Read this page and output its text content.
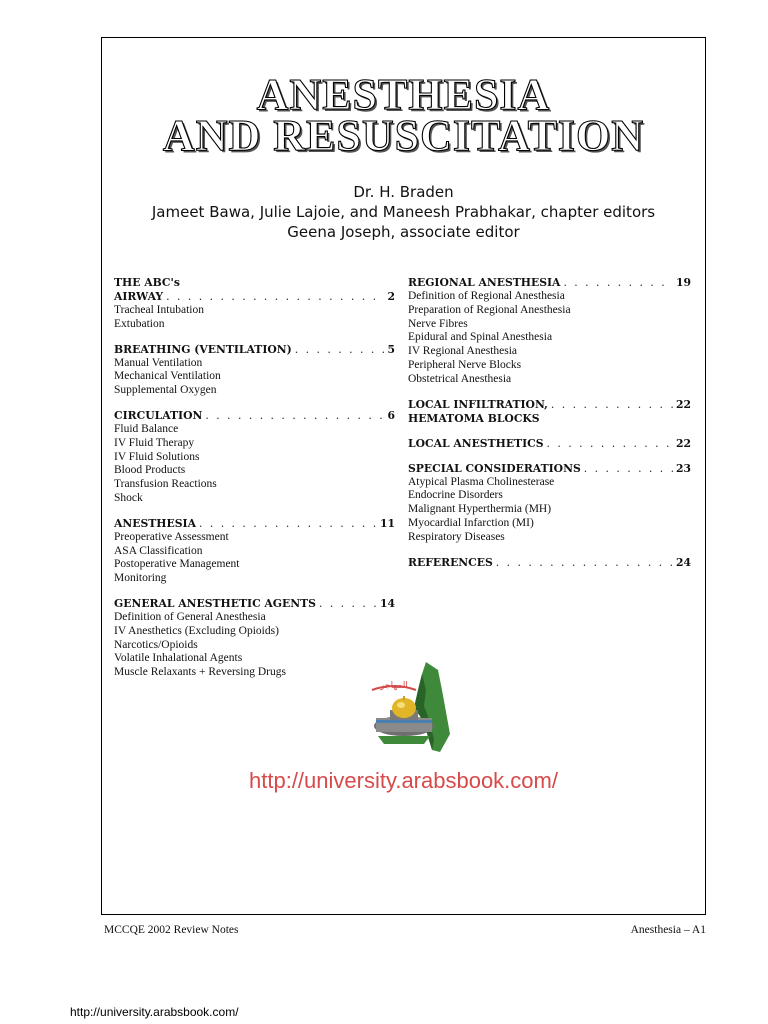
ANESTHESIA
AND RESUSCITATION
Dr. H. Braden
Jameet Bawa, Julie Lajoie, and Maneesh Prabhakar, chapter editors
Geena Joseph, associate editor
THE ABC's
AIRWAY . . .	2
Tracheal Intubation
Extubation
BREATHING (VENTILATION) . . .	5
Manual Ventilation
Mechanical Ventilation
Supplemental Oxygen
CIRCULATION . . .	6
Fluid Balance
IV Fluid Therapy
IV Fluid Solutions
Blood Products
Transfusion Reactions
Shock
ANESTHESIA . . .	11
Preoperative Assessment
ASA Classification
Postoperative Management
Monitoring
GENERAL ANESTHETIC AGENTS . . .	14
Definition of General Anesthesia
IV Anesthetics (Excluding Opioids)
Narcotics/Opioids
Volatile Inhalational Agents
Muscle Relaxants + Reversing Drugs
REGIONAL ANESTHESIA . . .	19
Definition of Regional Anesthesia
Preparation of Regional Anesthesia
Nerve Fibres
Epidural and Spinal Anesthesia
IV Regional Anesthesia
Peripheral Nerve Blocks
Obstetrical Anesthesia
LOCAL INFILTRATION, . . .	22
HEMATOMA BLOCKS
LOCAL ANESTHETICS . . .	22
SPECIAL CONSIDERATIONS . . .	23
Atypical Plasma Cholinesterase
Endocrine Disorders
Malignant Hyperthermia (MH)
Myocardial Infarction (MI)
Respiratory Diseases
REFERENCES . . .	24
المهاجر
http://university.arabsbook.com/
MCCQE 2002 Review Notes	Anesthesia – A1
http://university.arabsbook.com/
